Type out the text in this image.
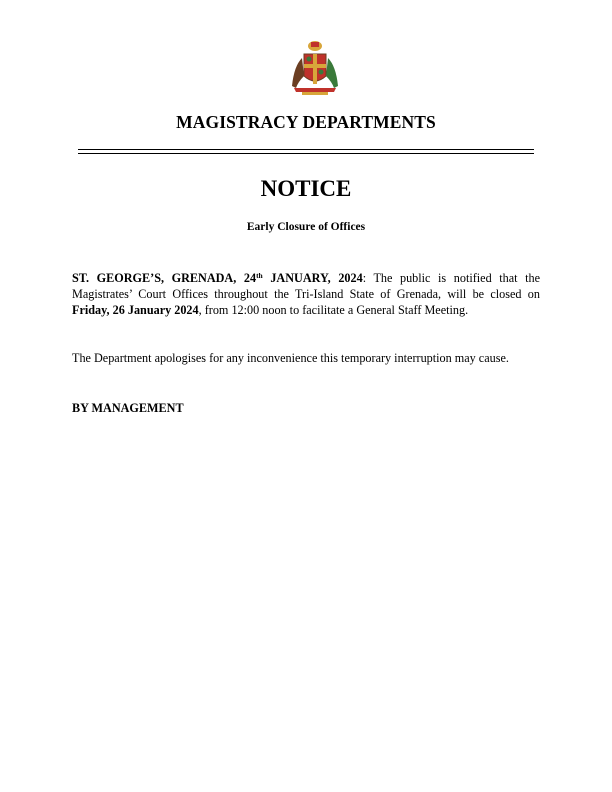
MAGISTRACY DEPARTMENTS
NOTICE
Early Closure of Offices
ST. GEORGE’S, GRENADA, 24th JANUARY, 2024: The public is notified that the Magistrates’ Court Offices throughout the Tri-Island State of Grenada, will be closed on Friday, 26 January 2024, from 12:00 noon to facilitate a General Staff Meeting.
The Department apologises for any inconvenience this temporary interruption may cause.
BY MANAGEMENT
